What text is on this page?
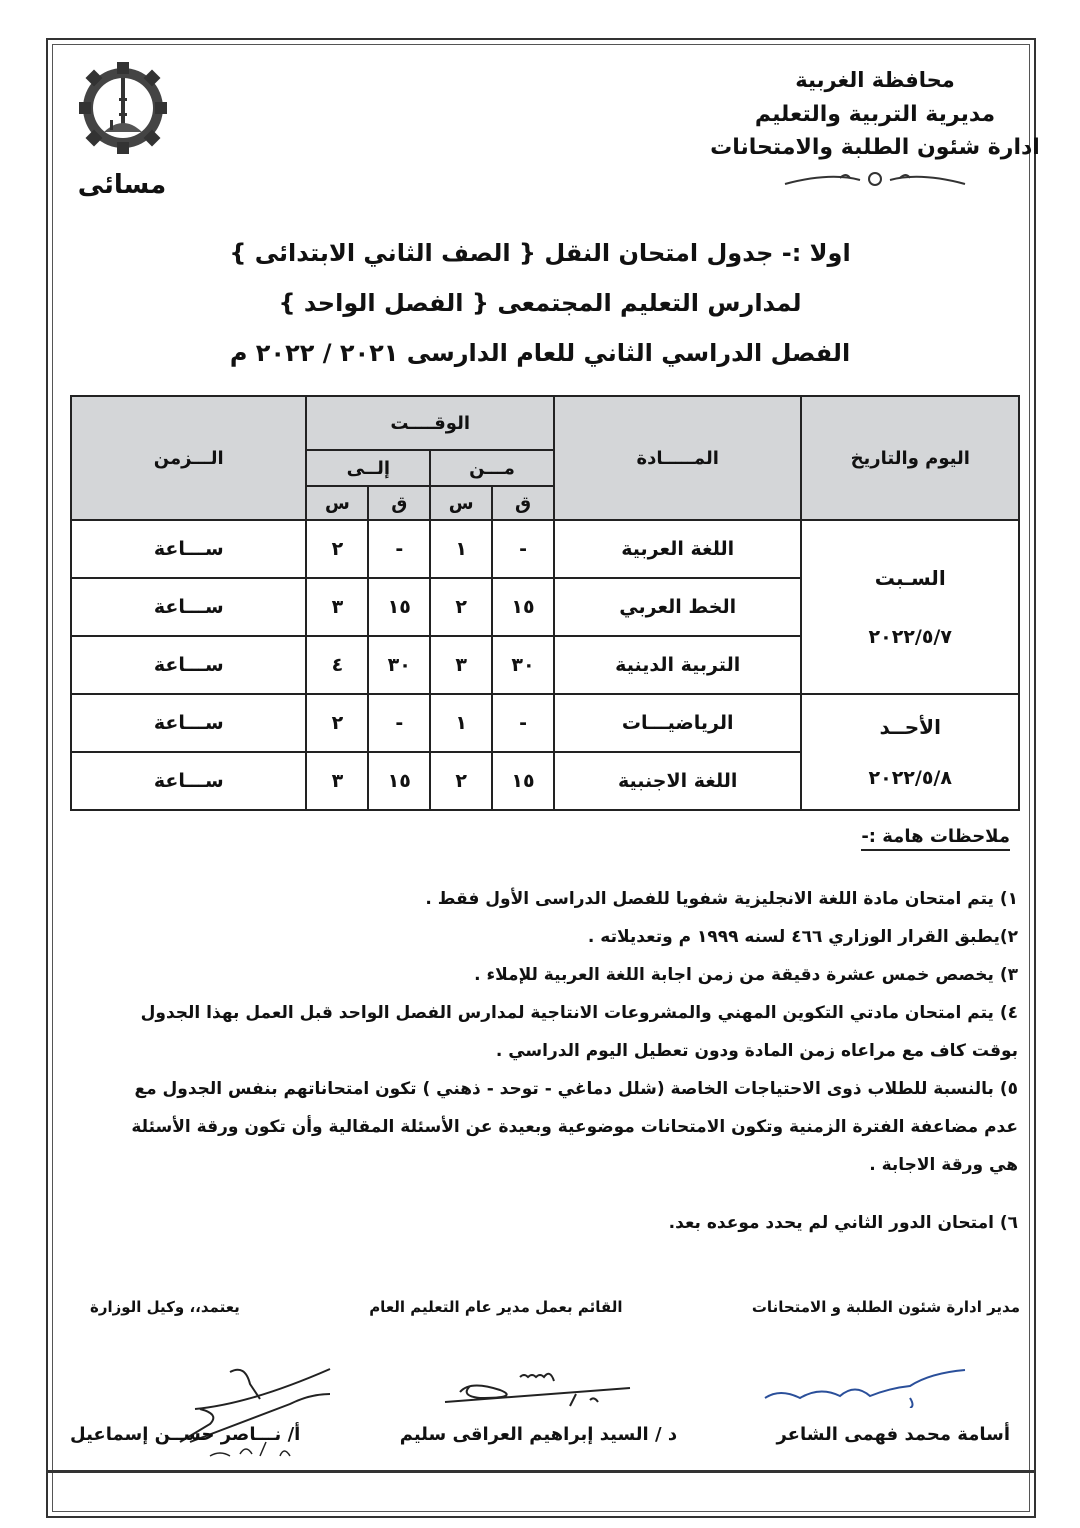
مسائى
محافظة الغربية
مديرية التربية والتعليم
ادارة شئون الطلبة والامتحانات
اولا :- جدول امتحان النقل { الصف الثاني الابتدائى }
لمدارس التعليم المجتمعى { الفصل الواحد }
الفصل الدراسي الثاني للعام الدارسى ٢٠٢١ / ٢٠٢٢ م
اليوم والتاريخ	المـــــادة	الوقــــت				الـــزمن
		مـــن		إلــى		
		ق	س	ق	س	

السـبت
٢٠٢٢/٥/٧	اللغة العربية	-	١	-	٢	ســـاعة
	الخط العربي	١٥	٢	١٥	٣	ســـاعة
	التربية الدينية	٣٠	٣	٣٠	٤	ســـاعة

الأحــد
٢٠٢٢/٥/٨	الرياضيـــات	-	١	-	٢	ســـاعة
	اللغة الاجنبية	١٥	٢	١٥	٣	ســـاعة
ملاحظات هامة :-

١) يتم امتحان مادة اللغة الانجليزية شفويا للفصل الدراسى الأول فقط .

٢)يطبق القرار الوزاري ٤٦٦ لسنه ١٩٩٩ م وتعديلاته .

٣) يخصص خمس عشرة دقيقة من زمن اجابة اللغة العربية للإملاء .

٤) يتم امتحان مادتي التكوين المهني والمشروعات الانتاجية لمدارس الفصل الواحد قبل العمل بهذا الجدول بوقت كاف مع مراعاه زمن المادة ودون تعطيل اليوم الدراسي .

٥) بالنسبة للطلاب ذوى الاحتياجات الخاصة (شلل دماغي - توحد - ذهني ) تكون امتحاناتهم بنفس الجدول مع عدم مضاعفة الفترة الزمنية وتكون الامتحانات موضوعية وبعيدة عن الأسئلة المقالية وأن تكون ورقة الأسئلة هي ورقة الاجابة .

٦) امتحان الدور الثاني لم يحدد موعده بعد.

مدير ادارة شئون الطلبة و الامتحانات
القائم بعمل مدير عام التعليم العام
يعتمد،، وكيل الوزارة
أسامة محمد فهمى الشاعر
د / السيد إبراهيم العراقى سليم
أ/ نـــاصر حســن إسماعيل
